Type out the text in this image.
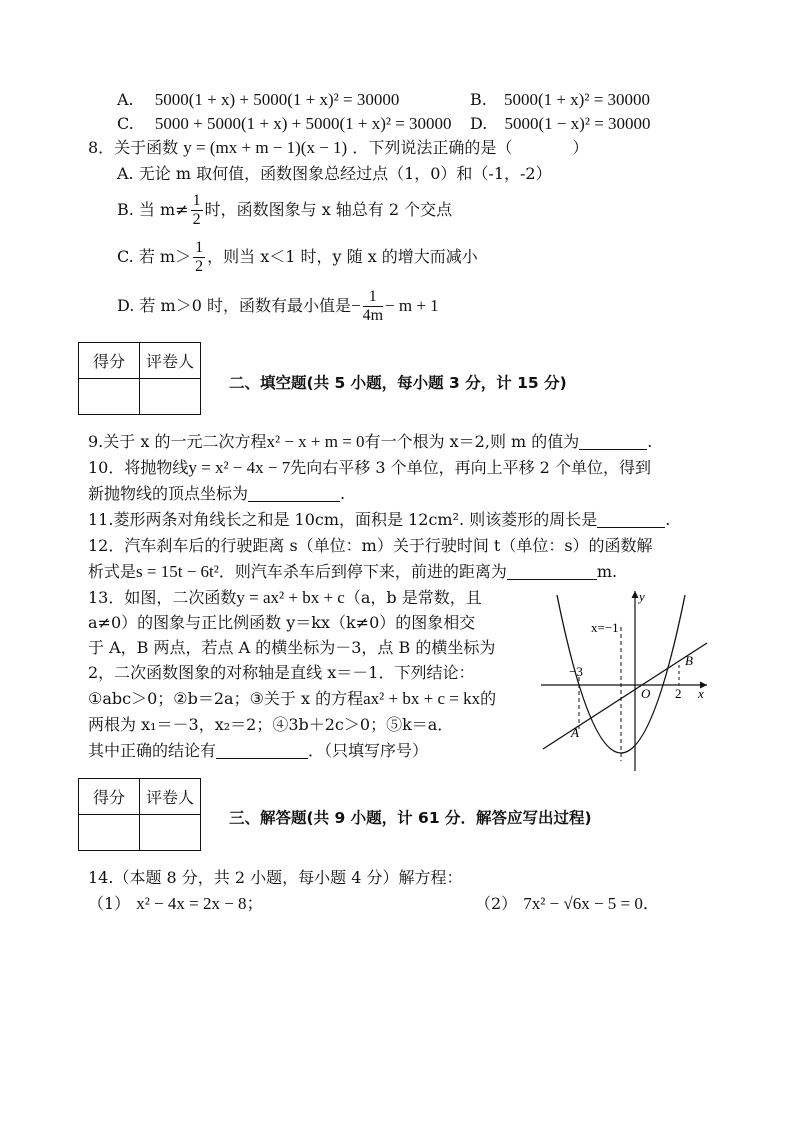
A. 5000(1 + x) + 5000(1 + x)² = 30000	B. 5000(1 + x)² = 30000
C. 5000 + 5000(1 + x) + 5000(1 + x)² = 30000 D. 5000(1 − x)² = 30000
8．关于函数 y = (mx + m − 1)(x − 1) ．下列说法正确的是（	）
A. 无论 m 取何值，函数图象总经过点（1，0）和（-1，-2）
B. 当 $m\ne \frac{1}{2}$ 时，函数图象与 x 轴总有 2 个交点
C. 若 $m> \frac{1}{2}$ ，则当 x＜1 时，y 随 x 的增大而减小
D. 若 m＞0 时，函数有最小值是− $\frac{1}{4m} - m + 1$
得分	评卷人

二、填空题(共 5 小题，每小题 3 分，计 15 分)
9.关于 x 的一元二次方程x² − x + m = 0有一个根为 x＝2,则 m 的值为	.
10．将抛物线y = x² − 4x − 7先向右平移 3 个单位，再向上平移 2 个单位，得到
新抛物线的顶点坐标为	.
11.菱形两条对角线长之和是 10cm，面积是 12cm². 则该菱形的周长是	.
12．汽车刹车后的行驶距离 s（单位：m）关于行驶时间 t（单位：s）的函数解
析式是s = 15t − 6t²．则汽车杀车后到停下来，前进的距离为	m.
13．如图，二次函数y = ax² + bx + c（a，b 是常数，且
a≠0）的图象与正比例函数 y＝kx（k≠0）的图象相交
于 A，B 两点，若点 A 的横坐标为－3，点 B 的横坐标为
2，二次函数图象的对称轴是直线 x＝－1．下列结论：
①abc＞0；②b＝2a；③关于 x 的方程ax² + bx + c = kx的
两根为 x₁＝－3，x₂＝2；④3b＋2c＞0；⑤k＝a．
其中正确的结论有	．（只填写序号）
y
x
O
x=−1
−3
2
A
B
得分	评卷人

三、解答题(共 9 小题，计 61 分．解答应写出过程)
14.（本题 8 分，共 2 小题，每小题 4 分）解方程：
（1） x² − 4x = 2x − 8；	（2） 7x² − √6x − 5 = 0．
